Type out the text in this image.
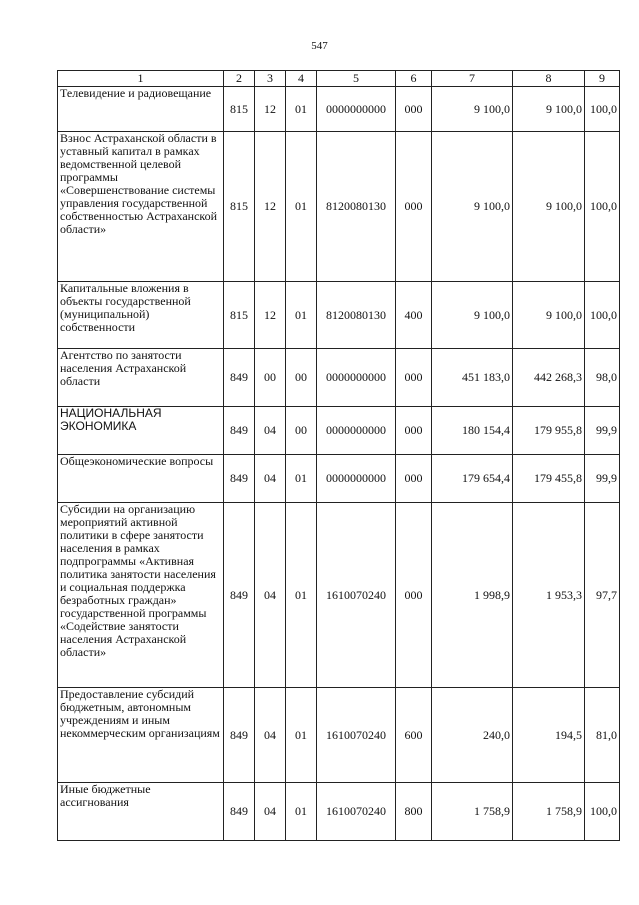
547
1	2	3	4	5	6	7	8	9
Телевидение и радиовещание	815	12	01	0000000000	000	9 100,0	9 100,0	100,0
Взнос Астраханской области в уставный капитал в рамках ведомственной целевой программы «Совершенствование системы управления государственной собственностью Астраханской области»	815	12	01	8120080130	000	9 100,0	9 100,0	100,0
Капитальные вложения в объекты государственной (муниципальной) собственности	815	12	01	8120080130	400	9 100,0	9 100,0	100,0
Агентство по занятости населения Астраханской области	849	00	00	0000000000	000	451 183,0	442 268,3	98,0
НАЦИОНАЛЬНАЯ ЭКОНОМИКА	849	04	00	0000000000	000	180 154,4	179 955,8	99,9
Общеэкономические вопросы	849	04	01	0000000000	000	179 654,4	179 455,8	99,9
Субсидии на организацию мероприятий активной политики в сфере занятости населения в рамках подпрограммы «Активная политика занятости населения и социальная поддержка безработных граждан» государственной программы «Содействие занятости населения Астраханской области»	849	04	01	1610070240	000	1 998,9	1 953,3	97,7
Предоставление субсидий бюджетным, автономным учреждениям и иным некоммерческим организациям	849	04	01	1610070240	600	240,0	194,5	81,0
Иные бюджетные ассигнования	849	04	01	1610070240	800	1 758,9	1 758,9	100,0
